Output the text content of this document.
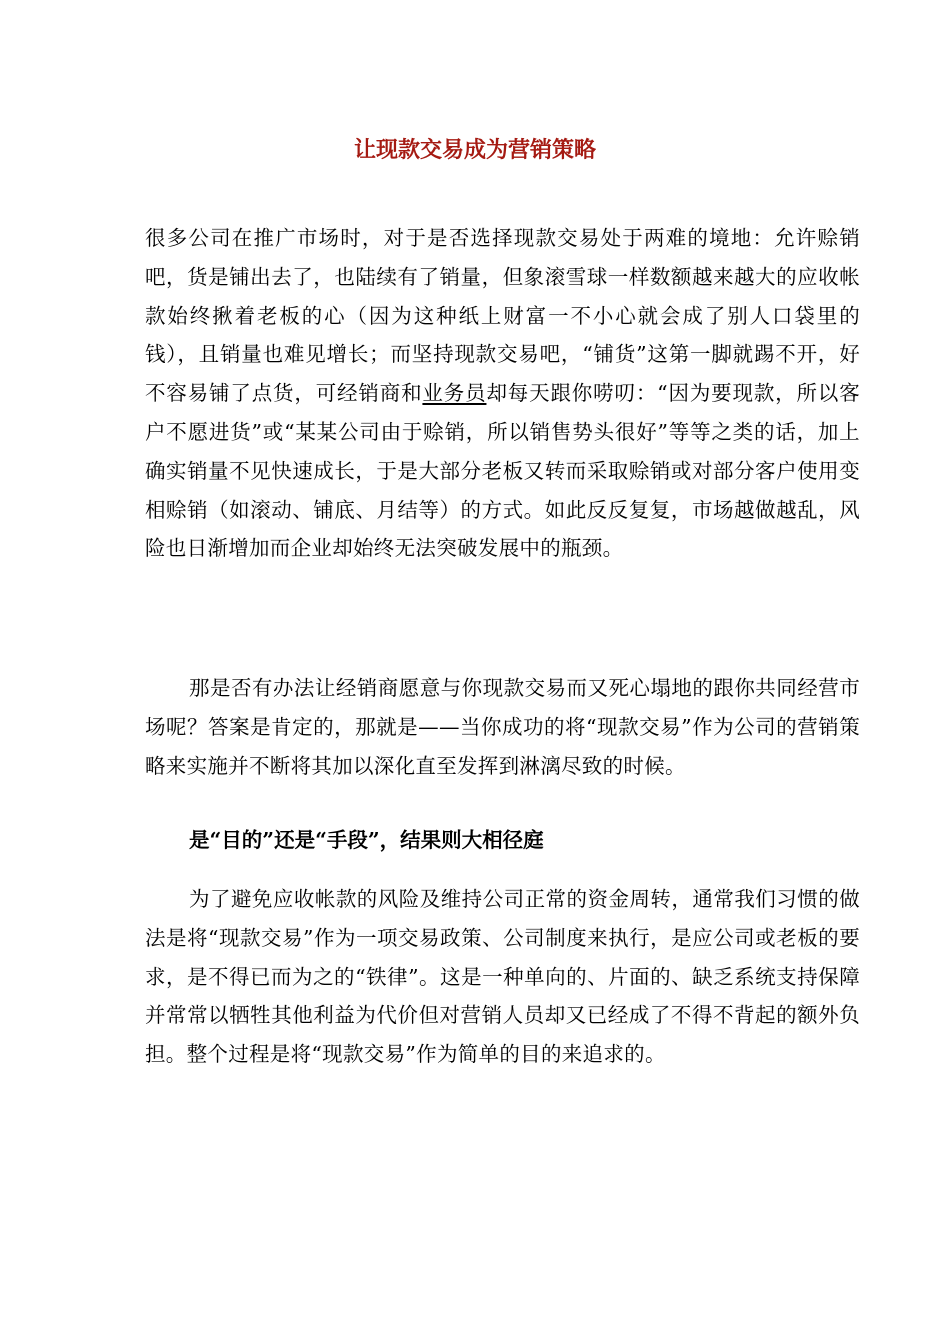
让现款交易成为营销策略

很多公司在推广市场时，对于是否选择现款交易处于两难的境地：允许赊销吧，货是铺出去了，也陆续有了销量，但象滚雪球一样数额越来越大的应收帐款始终揪着老板的心（因为这种纸上财富一不小心就会成了别人口袋里的钱），且销量也难见增长；而坚持现款交易吧，“铺货”这第一脚就踢不开，好不容易铺了点货，可经销商和业务员却每天跟你唠叨：“因为要现款，所以客户不愿进货”或“某某公司由于赊销，所以销售势头很好”等等之类的话，加上确实销量不见快速成长，于是大部分老板又转而采取赊销或对部分客户使用变相赊销（如滚动、铺底、月结等）的方式。如此反反复复，市场越做越乱，风险也日渐增加而企业却始终无法突破发展中的瓶颈。

那是否有办法让经销商愿意与你现款交易而又死心塌地的跟你共同经营市场呢？答案是肯定的，那就是——当你成功的将“现款交易”作为公司的营销策略来实施并不断将其加以深化直至发挥到淋漓尽致的时候。

是“目的”还是“手段”，结果则大相径庭

为了避免应收帐款的风险及维持公司正常的资金周转，通常我们习惯的做法是将“现款交易”作为一项交易政策、公司制度来执行，是应公司或老板的要求，是不得已而为之的“铁律”。这是一种单向的、片面的、缺乏系统支持保障并常常以牺牲其他利益为代价但对营销人员却又已经成了不得不背起的额外负担。整个过程是将“现款交易”作为简单的目的来追求的。
